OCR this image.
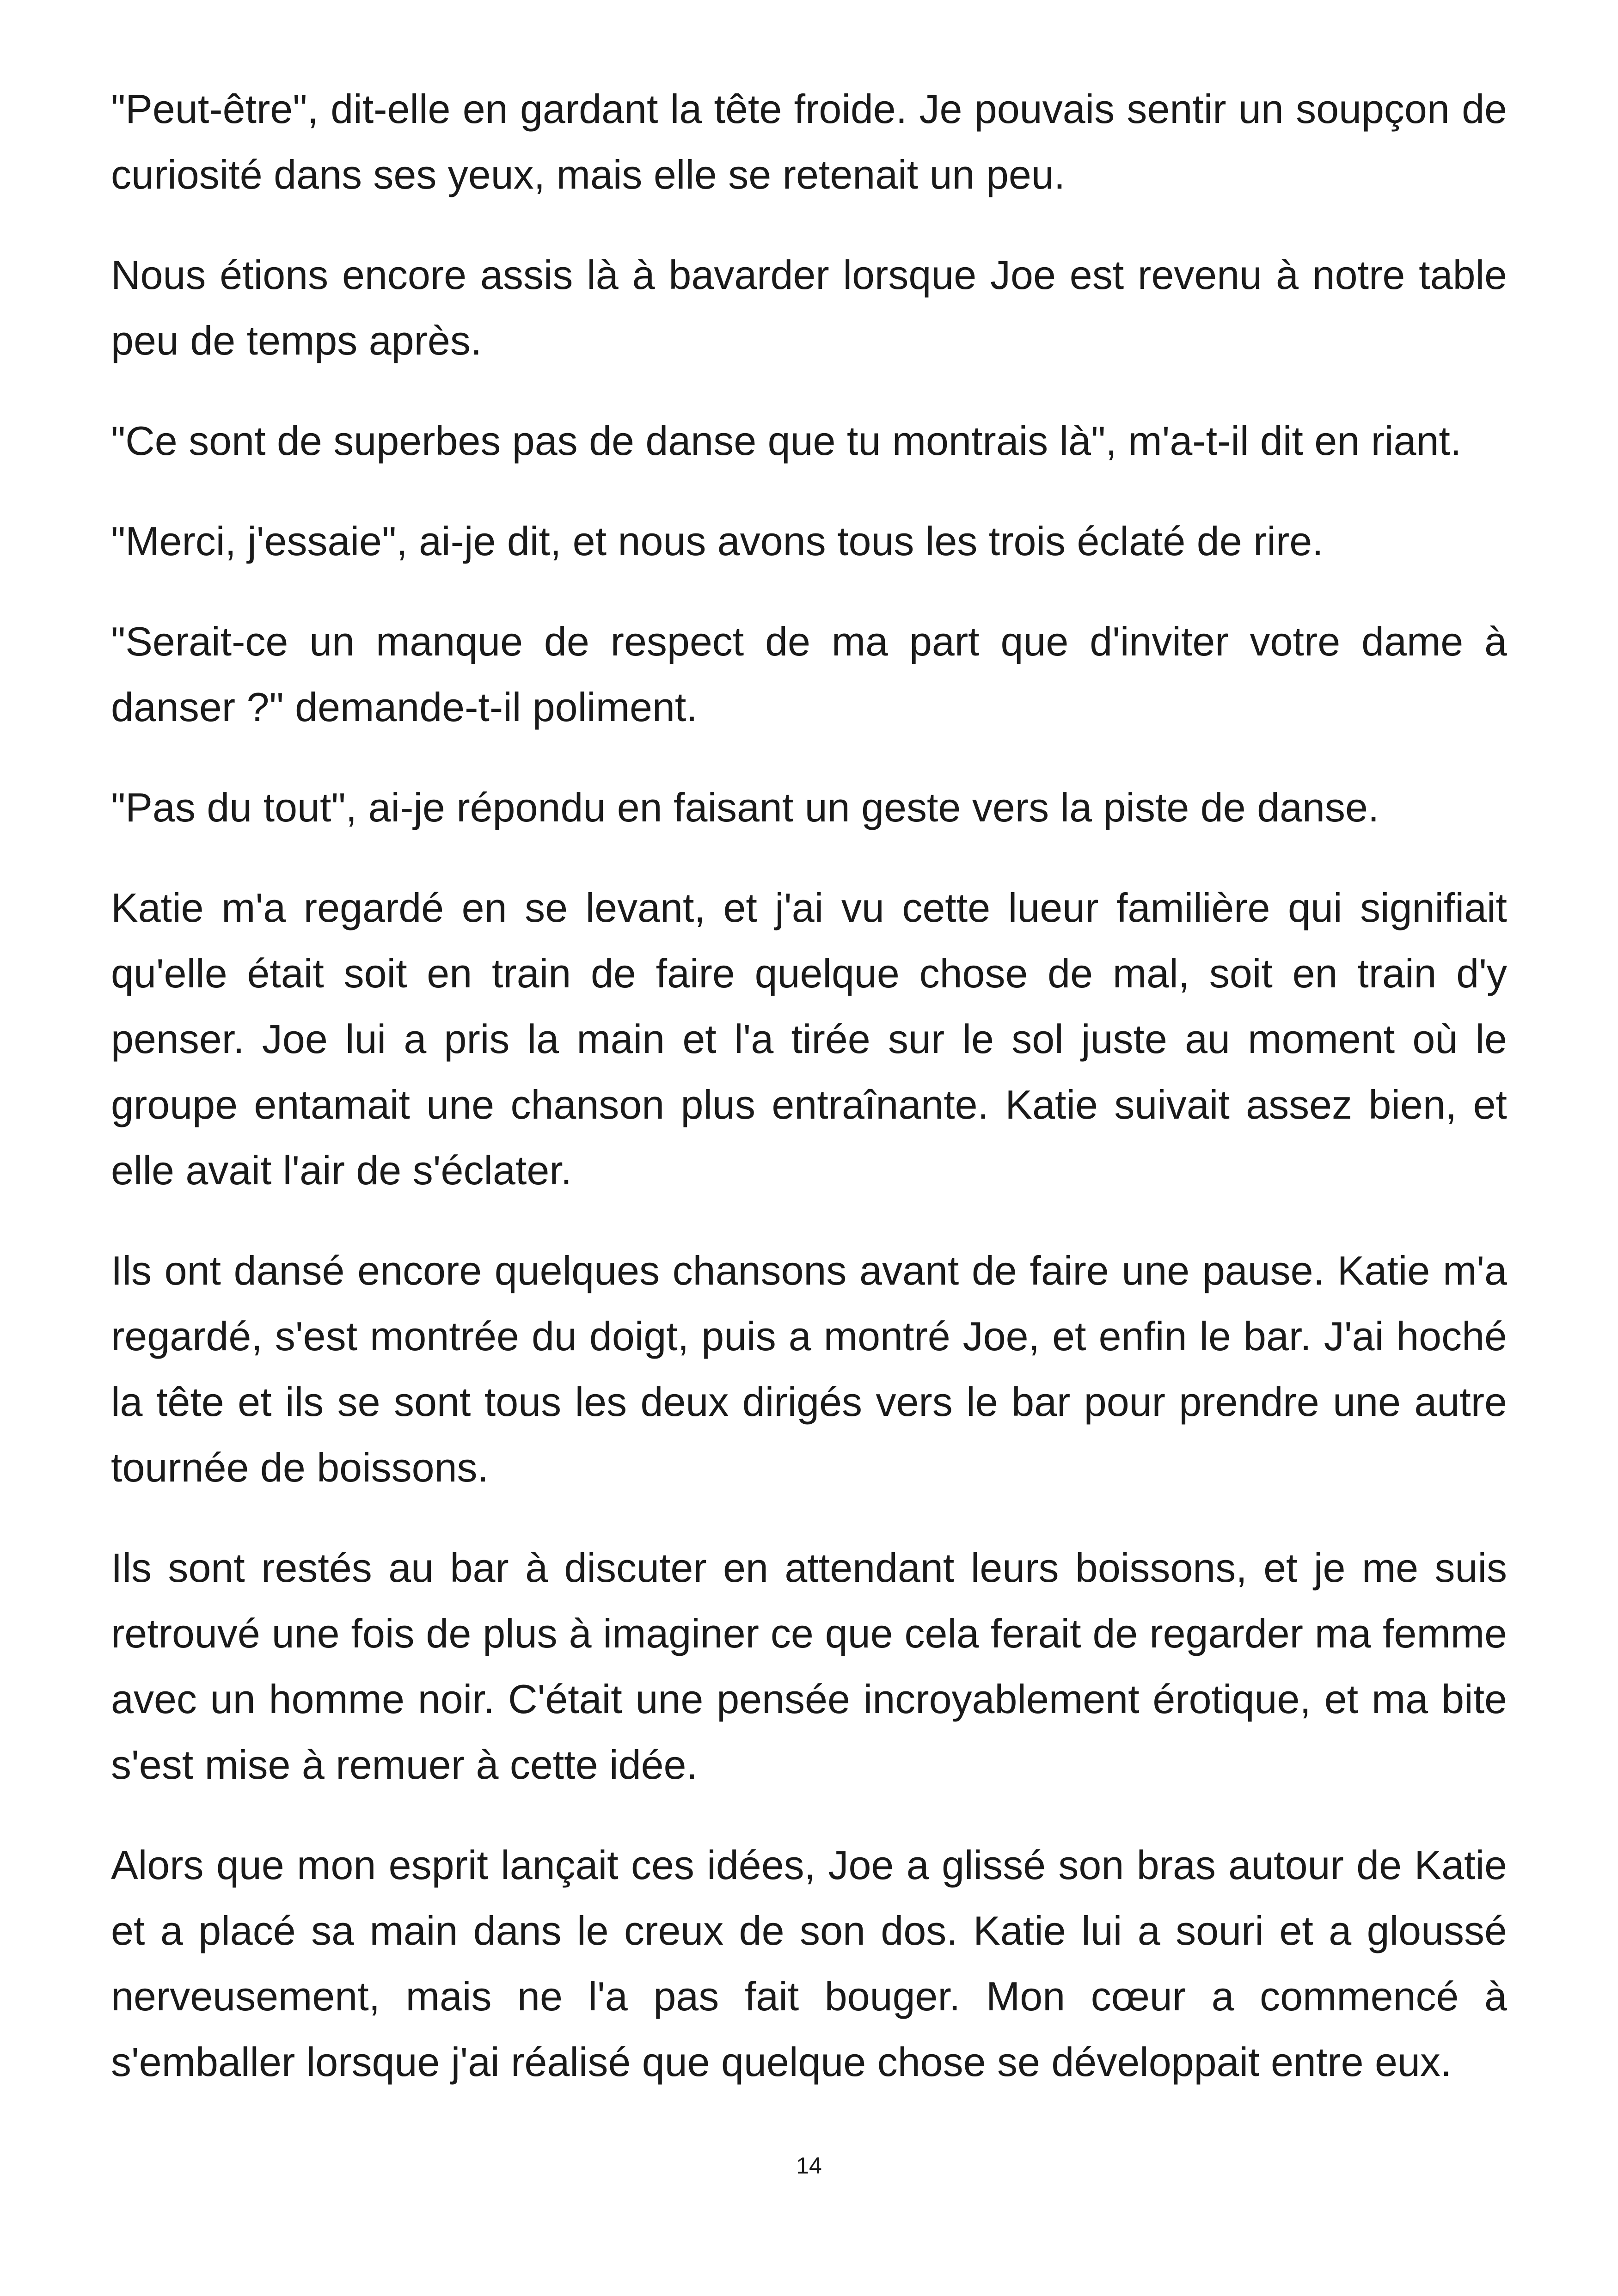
"Peut-être", dit-elle en gardant la tête froide. Je pouvais sentir un soupçon de curiosité dans ses yeux, mais elle se retenait un peu.

Nous étions encore assis là à bavarder lorsque Joe est revenu à notre table peu de temps après.

"Ce sont de superbes pas de danse que tu montrais là", m'a-t-il dit en riant.

"Merci, j'essaie", ai-je dit, et nous avons tous les trois éclaté de rire.

"Serait-ce un manque de respect de ma part que d'inviter votre dame à danser ?" demande-t-il poliment.

"Pas du tout", ai-je répondu en faisant un geste vers la piste de danse.

Katie m'a regardé en se levant, et j'ai vu cette lueur familière qui signifiait qu'elle était soit en train de faire quelque chose de mal, soit en train d'y penser. Joe lui a pris la main et l'a tirée sur le sol juste au moment où le groupe entamait une chanson plus entraînante. Katie suivait assez bien, et elle avait l'air de s'éclater.

Ils ont dansé encore quelques chansons avant de faire une pause. Katie m'a regardé, s'est montrée du doigt, puis a montré Joe, et enfin le bar. J'ai hoché la tête et ils se sont tous les deux dirigés vers le bar pour prendre une autre tournée de boissons.

Ils sont restés au bar à discuter en attendant leurs boissons, et je me suis retrouvé une fois de plus à imaginer ce que cela ferait de regarder ma femme avec un homme noir. C'était une pensée incroyablement érotique, et ma bite s'est mise à remuer à cette idée.

Alors que mon esprit lançait ces idées, Joe a glissé son bras autour de Katie et a placé sa main dans le creux de son dos. Katie lui a souri et a gloussé nerveusement, mais ne l'a pas fait bouger. Mon cœur a commencé à s'emballer lorsque j'ai réalisé que quelque chose se développait entre eux.

14
